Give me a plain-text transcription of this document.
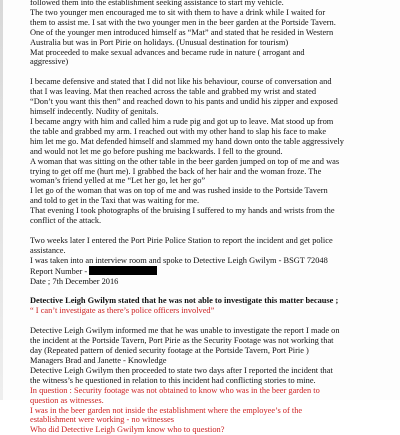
followed them into the establishment seeking assistance to start my vehicle.

The two younger men encouraged me to sit with them to have a drink while I waited for

them to assist me. I sat with the two younger men in the beer garden at the Portside Tavern.

One of the younger men introduced himself as “Mat” and stated that he resided in Western

Australia but was in Port Pirie on holidays. (Unusual destination for tourism)

Mat proceeded to make sexual advances and became rude in nature ( arrogant and

aggressive)

I became defensive and stated that I did not like his behaviour, course of conversation and

that I was leaving. Mat then reached across the table and grabbed my wrist and stated

“Don’t you want this then” and reached down to his pants and undid his zipper and exposed

himself indecently. Nudity of genitals.

I became angry with him and called him a rude pig and got up to leave. Mat stood up from

the table and grabbed my arm. I reached out with my other hand to slap his face to make

him let me go. Mat defended himself and slammed my hand down onto the table aggressively

and would not let me go before pushing me backwards. I fell to the ground.

A woman that was sitting on the other table in the beer garden jumped on top of me and was

trying to get off me (hurt me). I grabbed the back of her hair and the woman froze. The

woman’s friend yelled at me “Let her go, let her go”

I let go of the woman that was on top of me and was rushed inside to the Portside Tavern

and told to get in the Taxi that was waiting for me.

That evening I took photographs of the bruising I suffered to my hands and wrists from the

conflict of the attack.

Two weeks later I entered the Port Pirie Police Station to report the incident and get police

assistance.

I was taken into an interview room and spoke to Detective Leigh Gwilym - BSGT 72048

Report Number -

Date ; 7th December 2016

Detective Leigh Gwilym stated that he was not able to investigate this matter because ;

“ I can’t investigate as there’s police officers involved”

Detective Leigh Gwilym informed me that he was unable to investigate the report I made on

the incident at the Portside Tavern, Port Pirie as the Security Footage was not working that

day (Repeated pattern of denied security footage at the Portside Tavern, Port Pirie )

Managers Brad and Janette - Knowledge

Detective Leigh Gwilym then proceeded to state two days after I reported the incident that

the witness’s he questioned in relation to this incident had conflicting stories to mine.

In question : Security footage was not obtained to know who was in the beer garden to

question as witnesses.

I was in the beer garden not inside the establishment where the employee’s of the

establishment were working - no witnesses

Who did Detective Leigh Gwilym know who to question?
